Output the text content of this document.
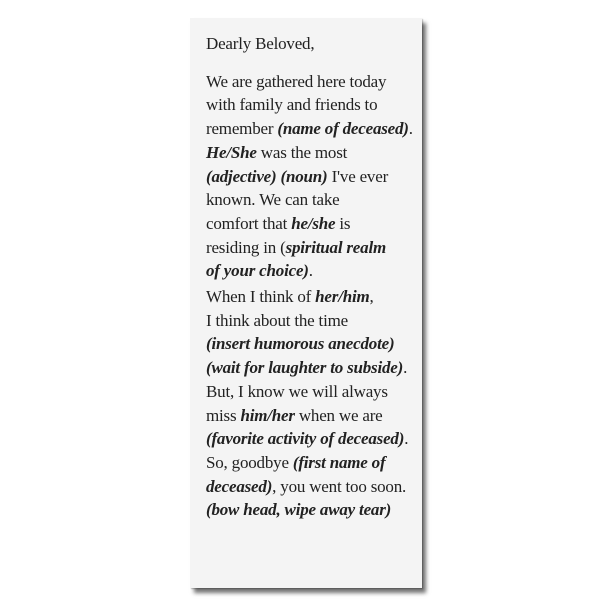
Dearly Beloved,

We are gathered here today
with family and friends to
remember (name of deceased).
He/She was the most
(adjective) (noun) I've ever
known. We can take
comfort that he/she is
residing in (spiritual realm
of your choice).

When I think of her/him,
I think about the time
(insert humorous anecdote)
(wait for laughter to subside).
But, I know we will always
miss him/her when we are
(favorite activity of deceased).
So, goodbye (first name of
deceased), you went too soon.
(bow head, wipe away tear)
